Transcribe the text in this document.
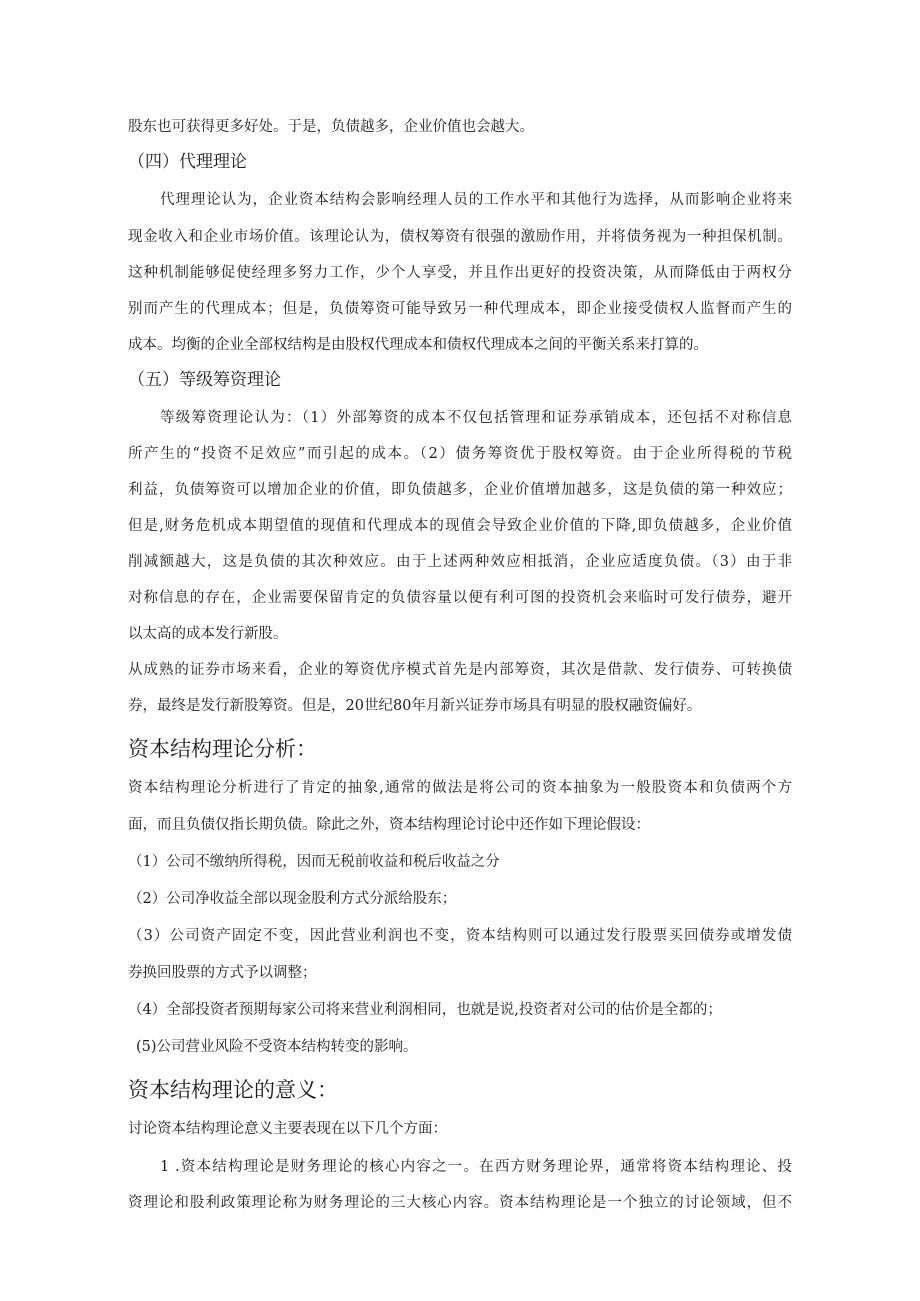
股东也可获得更多好处。于是，负债越多，企业价值也会越大。
（四）代理理论
代理理论认为，企业资本结构会影响经理人员的工作水平和其他行为选择，从而影响企业将来
现金收入和企业市场价值。该理论认为，债权筹资有很强的激励作用，并将债务视为一种担保机制。
这种机制能够促使经理多努力工作，少个人享受，并且作出更好的投资决策，从而降低由于两权分
别而产生的代理成本；但是，负债筹资可能导致另一种代理成本，即企业接受债权人监督而产生的
成本。均衡的企业全部权结构是由股权代理成本和债权代理成本之间的平衡关系来打算的。
（五）等级筹资理论
等级筹资理论认为：（1）外部筹资的成本不仅包括管理和证券承销成本，还包括不对称信息
所产生的“投资不足效应”而引起的成本。（2）债务筹资优于股权筹资。由于企业所得税的节税
利益，负债筹资可以增加企业的价值，即负债越多，企业价值增加越多，这是负债的第一种效应；
但是,财务危机成本期望值的现值和代理成本的现值会导致企业价值的下降,即负债越多，企业价值
削减额越大，这是负债的其次种效应。由于上述两种效应相抵消，企业应适度负债。（3）由于非
对称信息的存在，企业需要保留肯定的负债容量以便有利可图的投资机会来临时可发行债券，避开
以太高的成本发行新股。
从成熟的证券市场来看，企业的筹资优序模式首先是内部筹资，其次是借款、发行债券、可转换债
券，最终是发行新股筹资。但是，20世纪80年月新兴证券市场具有明显的股权融资偏好。
资本结构理论分析：
资本结构理论分析进行了肯定的抽象,通常的做法是将公司的资本抽象为一般股资本和负债两个方
面，而且负债仅指长期负债。除此之外，资本结构理论讨论中还作如下理论假设：
（1）公司不缴纳所得税，因而无税前收益和税后收益之分
（2）公司净收益全部以现金股利方式分派给股东；
（3）公司资产固定不变，因此营业利润也不变，资本结构则可以通过发行股票买回债券或增发债
券换回股票的方式予以调整；
（4）全部投资者预期每家公司将来营业利润相同，也就是说,投资者对公司的估价是全都的；
(5)公司营业风险不受资本结构转变的影响。
资本结构理论的意义：
讨论资本结构理论意义主要表现在以下几个方面：
1 .资本结构理论是财务理论的核心内容之一。在西方财务理论界，通常将资本结构理论、投
资理论和股利政策理论称为财务理论的三大核心内容。资本结构理论是一个独立的讨论领域，但不
